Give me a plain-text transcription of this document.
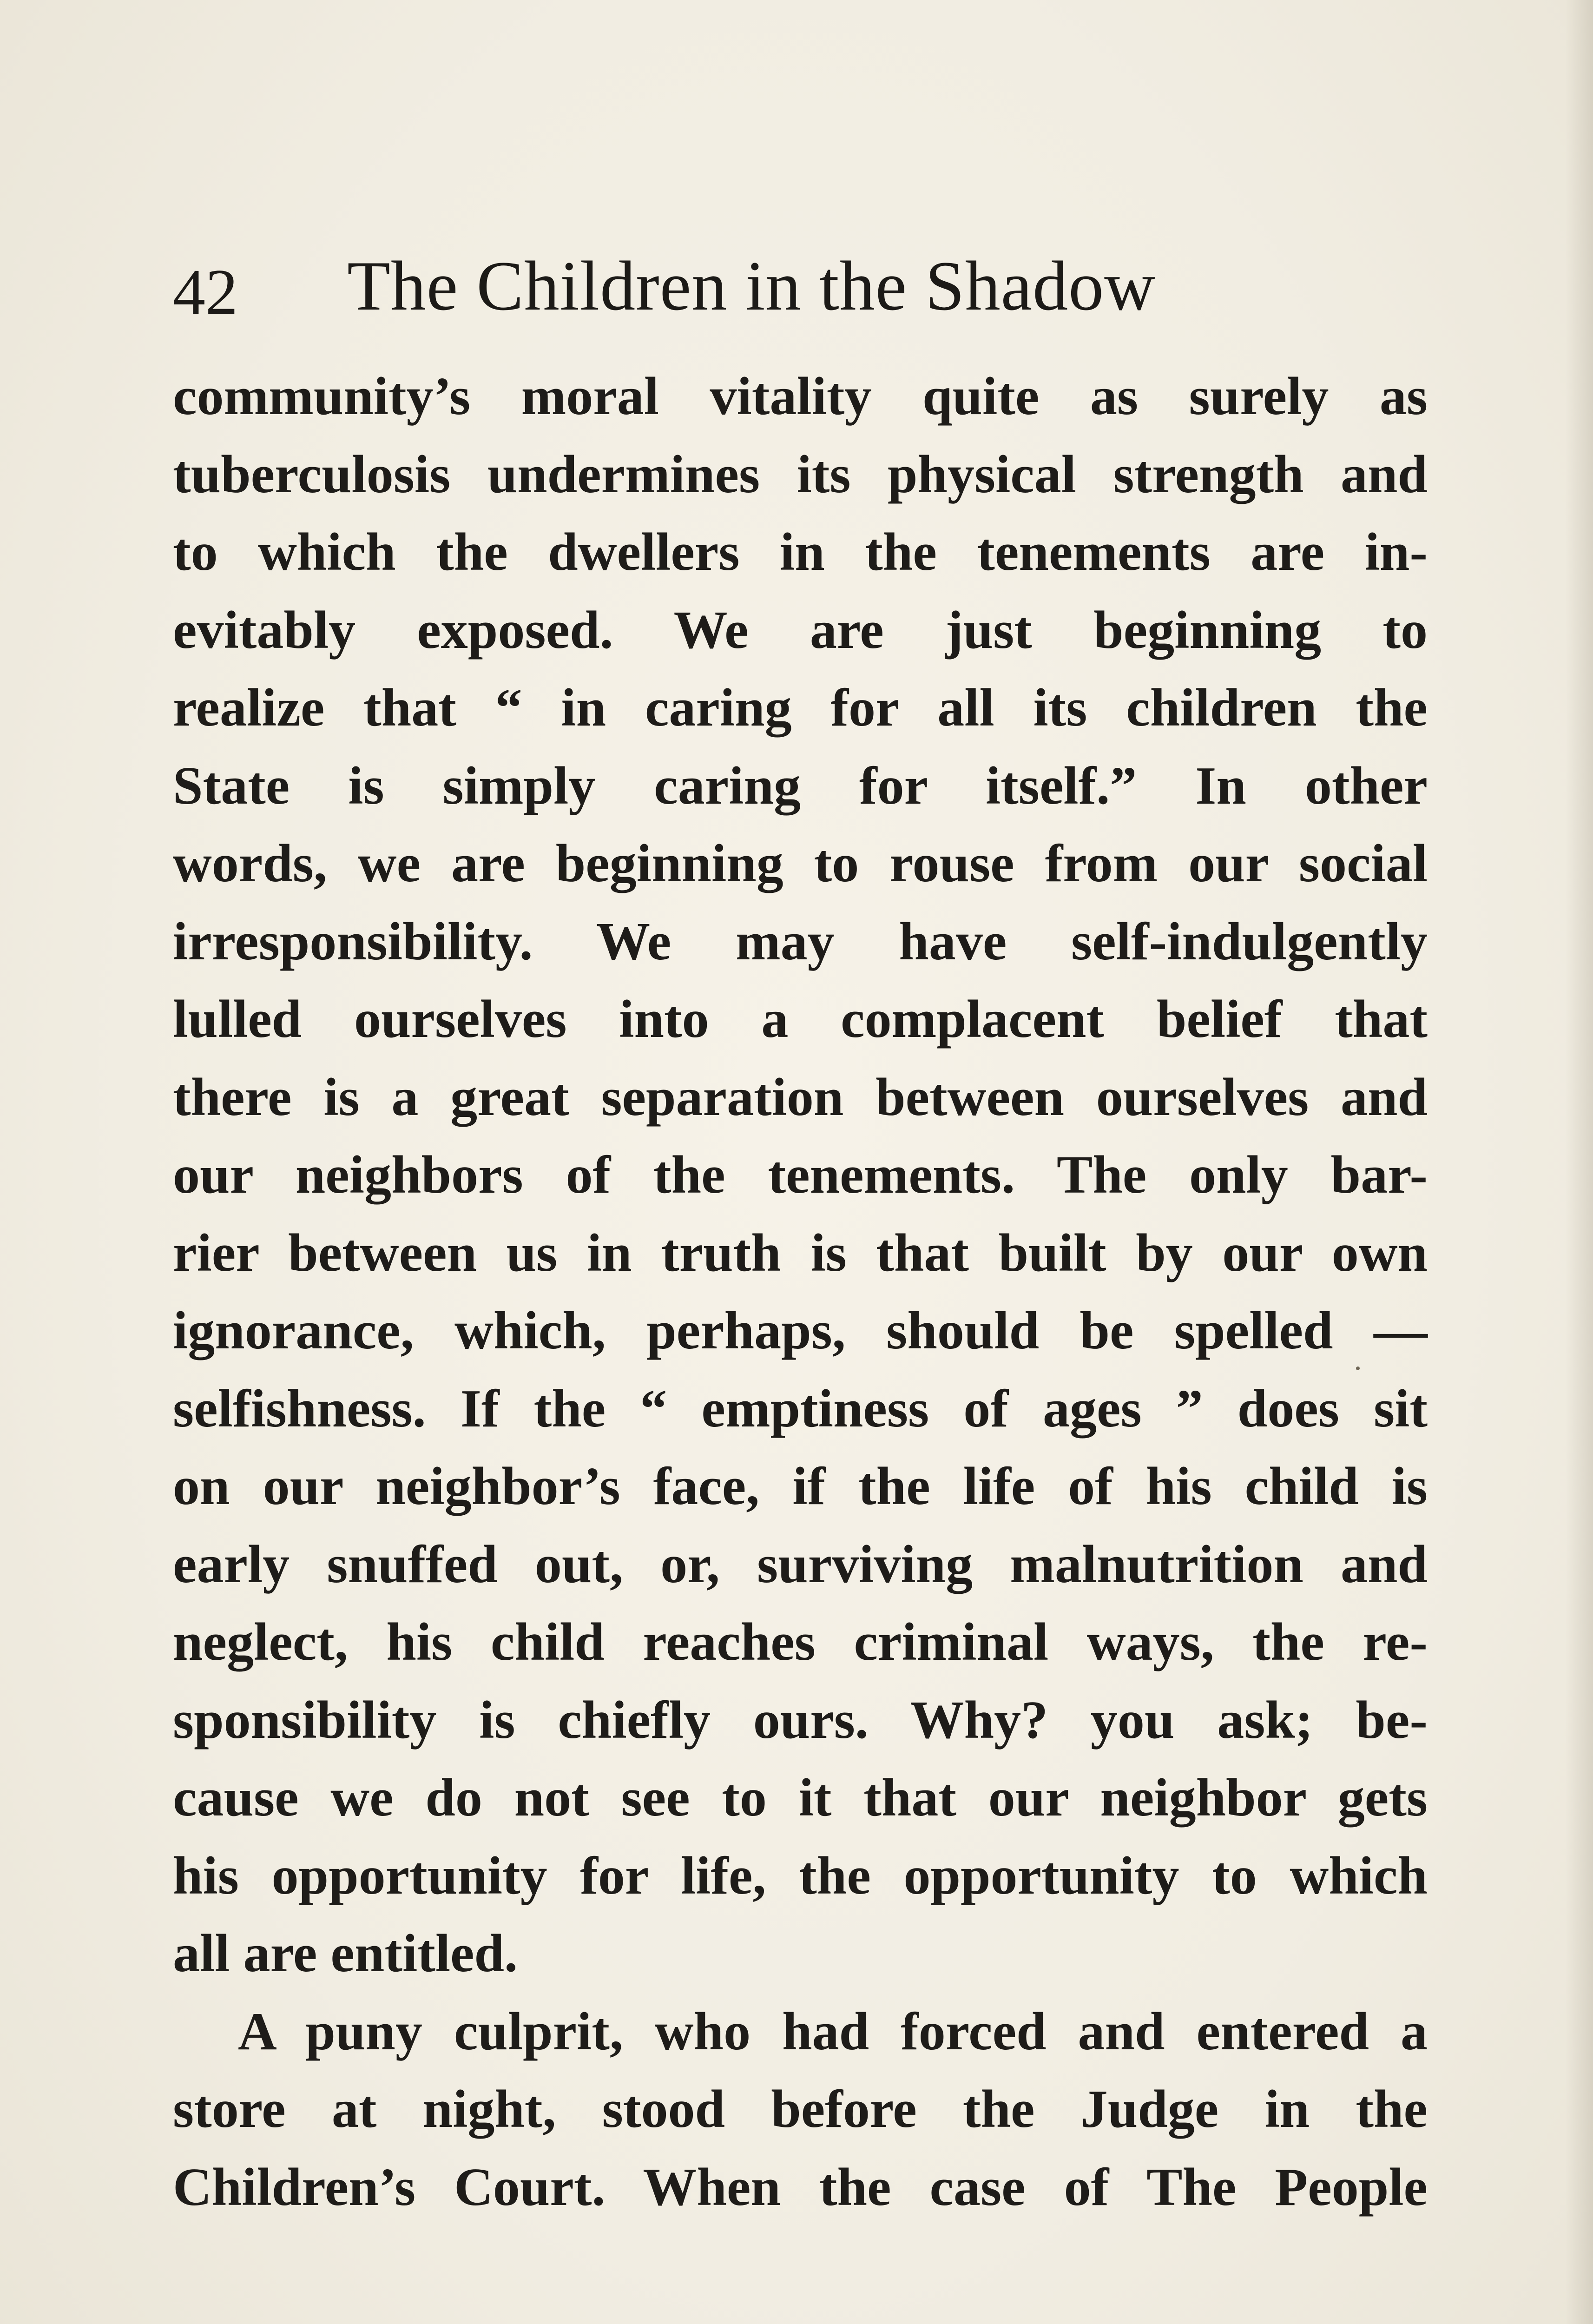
42 The Children in the Shadow
community’s moral vitality quite as surely as
tuberculosis undermines its physical strength and
to which the dwellers in the tenements are in-
evitably exposed. We are just beginning to
realize that “ in caring for all its children the
State is simply caring for itself.” In other
words, we are beginning to rouse from our social
irresponsibility. We may have self-indulgently
lulled ourselves into a complacent belief that
there is a great separation between ourselves and
our neighbors of the tenements. The only bar-
rier between us in truth is that built by our own
ignorance, which, perhaps, should be spelled —
selfishness. If the “ emptiness of ages ” does sit
on our neighbor’s face, if the life of his child is
early snuffed out, or, surviving malnutrition and
neglect, his child reaches criminal ways, the re-
sponsibility is chiefly ours. Why? you ask; be-
cause we do not see to it that our neighbor gets
his opportunity for life, the opportunity to which
all are entitled.
A puny culprit, who had forced and entered a
store at night, stood before the Judge in the
Children’s Court. When the case of The People
